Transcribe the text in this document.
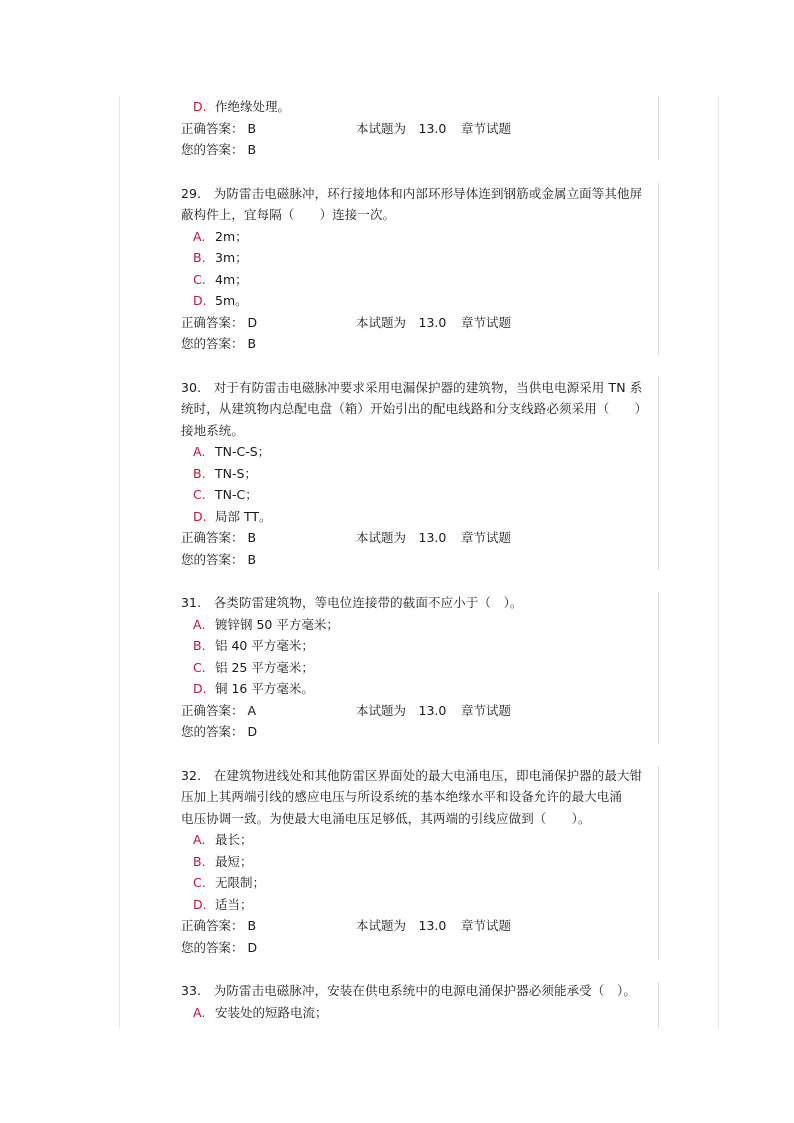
D. 作绝缘处理。
正确答案： B	本试题为　13.0	章节试题
您的答案： B
29.　为防雷击电磁脉冲，环行接地体和内部环形导体连到钢筋或金属立面等其他屏
蔽构件上，宜每隔（　　）连接一次。
A. 2m；
B. 3m；
C. 4m；
D. 5m。
正确答案： D	本试题为　13.0	章节试题
您的答案： B
30.　对于有防雷击电磁脉冲要求采用电漏保护器的建筑物，当供电电源采用 TN 系
统时，从建筑物内总配电盘（箱）开始引出的配电线路和分支线路必须采用（　　）
接地系统。
A. TN-C-S；
B. TN-S；
C. TN-C；
D. 局部 TT。
正确答案： B	本试题为　13.0	章节试题
您的答案： B
31.　各类防雷建筑物，等电位连接带的截面不应小于（　）。
A. 镀锌钢 50 平方毫米；
B. 铝 40 平方毫米；
C. 铝 25 平方毫米；
D. 铜 16 平方毫米。
正确答案： A	本试题为　13.0	章节试题
您的答案： D
32.　在建筑物进线处和其他防雷区界面处的最大电涌电压，即电涌保护器的最大钳
压加上其两端引线的感应电压与所设系统的基本绝缘水平和设备允许的最大电涌
电压协调一致。为使最大电涌电压足够低，其两端的引线应做到（　　）。
A. 最长；
B. 最短；
C. 无限制；
D. 适当；
正确答案： B	本试题为　13.0	章节试题
您的答案： D
33.　为防雷击电磁脉冲，安装在供电系统中的电源电涌保护器必须能承受（　）。
A. 安装处的短路电流；
